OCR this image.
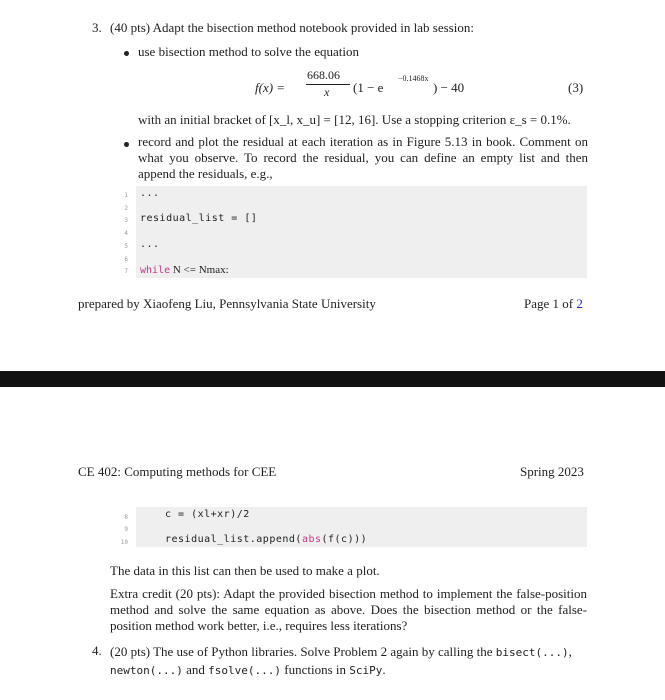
3. (40 pts) Adapt the bisection method notebook provided in lab session:
use bisection method to solve the equation
f(x) =
668.06
x (1 − e
−0.1468x
) − 40	(3)
with an initial bracket of [x_l, x_u] = [12, 16]. Use a stopping criterion ε_s = 0.1%.
record and plot the residual at each iteration as in Figure 5.13 in book. Comment on what you observe. To record the residual, you can define an empty list and then append the residuals, e.g.,
1
2
3
4
5
6
7
...
residual_list = []
...
while N <= Nmax:
prepared by Xiaofeng Liu, Pennsylvania State University	Page 1 of 2
CE 402: Computing methods for CEE	Spring 2023
8
9
10
c = (xl+xr)/2
residual_list.append(abs(f(c)))
The data in this list can then be used to make a plot.
Extra credit (20 pts): Adapt the provided bisection method to implement the false-position method and solve the same equation as above. Does the bisection method or the false-position method work better, i.e., requires less iterations?
4. (20 pts) The use of Python libraries. Solve Problem 2 again by calling the bisect(...),
newton(...) and fsolve(...) functions in SciPy.
